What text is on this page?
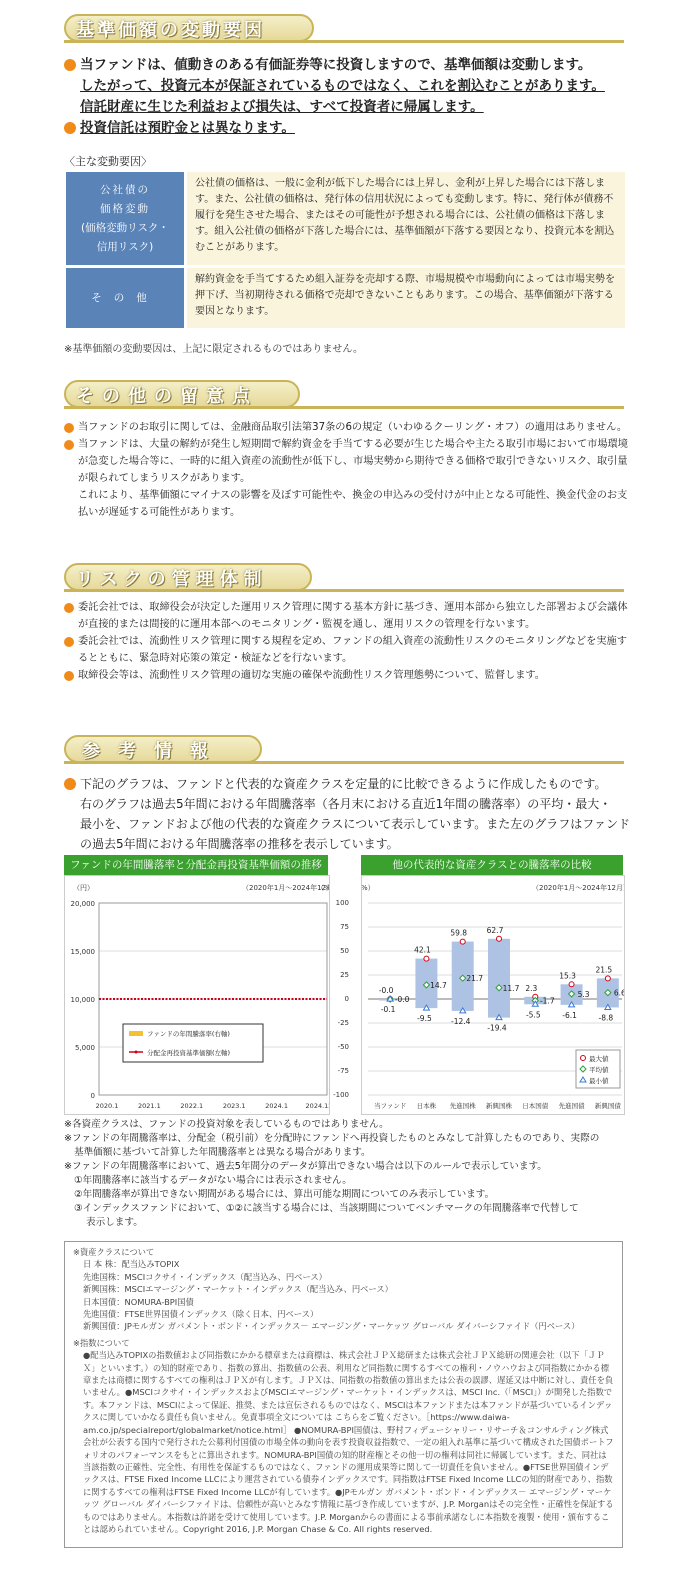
基準価額の変動要因
当ファンドは、値動きのある有価証券等に投資しますので、基準価額は変動します。
したがって、投資元本が保証されているものではなく、これを割込むことがあります。
信託財産に生じた利益および損失は、すべて投資者に帰属します。
投資信託は預貯金とは異なります。
〈主な変動要因〉
公社債の
価格変動
(価格変動リスク・
信用リスク)
公社債の価格は、一般に金利が低下した場合には上昇し、金利が上昇した場合には下落します。また、公社債の価格は、発行体の信用状況によっても変動します。特に、発行体が債務不履行を発生させた場合、またはその可能性が予想される場合には、公社債の価格は下落します。組入公社債の価格が下落した場合には、基準価額が下落する要因となり、投資元本を割込むことがあります。
その他
解約資金を手当てするため組入証券を売却する際、市場規模や市場動向によっては市場実勢を押下げ、当初期待される価格で売却できないこともあります。この場合、基準価額が下落する要因となります。
※基準価額の変動要因は、上記に限定されるものではありません。
その他の留意点
当ファンドのお取引に関しては、金融商品取引法第37条の6の規定（いわゆるクーリング・オフ）の適用はありません。
当ファンドは、大量の解約が発生し短期間で解約資金を手当てする必要が生じた場合や主たる取引市場において市場環境が急変した場合等に、一時的に組入資産の流動性が低下し、市場実勢から期待できる価格で取引できないリスク、取引量が限られてしまうリスクがあります。
これにより、基準価額にマイナスの影響を及ぼす可能性や、換金の申込みの受付けが中止となる可能性、換金代金のお支払いが遅延する可能性があります。
リスクの管理体制
委託会社では、取締役会が決定した運用リスク管理に関する基本方針に基づき、運用本部から独立した部署および会議体が直接的または間接的に運用本部へのモニタリング・監視を通し、運用リスクの管理を行ないます。
委託会社では、流動性リスク管理に関する規程を定め、ファンドの組入資産の流動性リスクのモニタリングなどを実施するとともに、緊急時対応策の策定・検証などを行ないます。
取締役会等は、流動性リスク管理の適切な実施の確保や流動性リスク管理態勢について、監督します。
参考情報
下記のグラフは、ファンドと代表的な資産クラスを定量的に比較できるように作成したものです。
右のグラフは過去5年間における年間騰落率（各月末における直近1年間の騰落率）の平均・最大・
最小を、ファンドおよび他の代表的な資産クラスについて表示しています。また左のグラフはファンド
の過去5年間における年間騰落率の推移を表示しています。
ファンドの年間騰落率と分配金再投資基準価額の推移
（円）	（2020年1月～2024年12
（
20,000
15,000
10,000
5,000
0
2020.1	2021.1	2022.1	2023.1	2024.1	2024.1
ファンドの年間騰落率(右軸)
分配金再投資基準価額(左軸)
他の代表的な資産クラスとの騰落率の比較
%）	（2020年1月～2024年12月）
-0.0
-0.0
-0.1
当ファンド
42.1
14.7
-9.5
日本株
59.8
21.7
-12.4
先進国株
62.7
11.7
-19.4
新興国株
2.3
-1.7
-5.5
日本国債
15.3
5.3
-6.1
先進国債
21.5
6.6
-8.8
新興国債
最大値
平均値
最小値
※各資産クラスは、ファンドの投資対象を表しているものではありません。
※ファンドの年間騰落率は、分配金（税引前）を分配時にファンドへ再投資したものとみなして計算したものであり、実際の
基準価額に基づいて計算した年間騰落率とは異なる場合があります。
※ファンドの年間騰落率において、過去5年間分のデータが算出できない場合は以下のルールで表示しています。
①年間騰落率に該当するデータがない場合には表示されません。
②年間騰落率が算出できない期間がある場合には、算出可能な期間についてのみ表示しています。
③インデックスファンドにおいて、①②に該当する場合には、当該期間についてベンチマークの年間騰落率で代替して
表示します。
※資産クラスについて
日 本 株：配当込みTOPIX
先進国株：MSCIコクサイ・インデックス（配当込み、円ベース）
新興国株：MSCIエマージング・マーケット・インデックス（配当込み、円ベース）
日本国債：NOMURA-BPI国債
先進国債：FTSE世界国債インデックス（除く日本、円ベース）
新興国債：JPモルガン ガバメント・ボンド・インデックス－ エマージング・マーケッツ グローバル ダイバーシファイド（円ベース）
※指数について
●配当込みTOPIXの指数値および同指数にかかる標章または商標は、株式会社ＪＰＸ総研または株式会社ＪＰＸ総研の関連会社（以下「ＪＰＸ」といいます。）の知的財産であり、指数の算出、指数値の公表、利用など同指数に関するすべての権利・ノウハウおよび同指数にかかる標章または商標に関するすべての権利はＪＰＸが有します。ＪＰＸは、同指数の指数値の算出または公表の誤謬、遅延又は中断に対し、責任を負いません。●MSCIコクサイ・インデックスおよびMSCIエマージング・マーケット・インデックスは、MSCI Inc.（「MSCI」）が開発した指数です。本ファンドは、MSCIによって保証、推奨、または宣伝されるものではなく、MSCIは本ファンドまたは本ファンドが基づいているインデックスに関していかなる責任も負いません。免責事項全文については こちらをご覧ください。［https://www.daiwa-am.co.jp/specialreport/globalmarket/notice.html］ ●NOMURA-BPI国債は、野村フィデューシャリー・リサーチ＆コンサルティング株式会社が公表する国内で発行された公募利付国債の市場全体の動向を表す投資収益指数で、一定の組入れ基準に基づいて構成された国債ポートフォリオのパフォーマンスをもとに算出されます。NOMURA-BPI国債の知的財産権とその他一切の権利は同社に帰属しています。また、同社は当該指数の正確性、完全性、有用性を保証するものではなく、ファンドの運用成果等に関して一切責任を負いません。●FTSE世界国債インデックスは、FTSE Fixed Income LLCにより運営されている債券インデックスです。同指数はFTSE Fixed Income LLCの知的財産であり、指数に関するすべての権利はFTSE Fixed Income LLCが有しています。●JPモルガン ガバメント・ボンド・インデックス－ エマージング・マーケッツ グローバル ダイバーシファイドは、信頼性が高いとみなす情報に基づき作成していますが、J.P. Morganはその完全性・正確性を保証するものではありません。本指数は許諾を受けて使用しています。J.P. Morganからの書面による事前承諾なしに本指数を複製・使用・頒布することは認められていません。Copyright 2016, J.P. Morgan Chase & Co. All rights reserved.
100
75
50
25
0
-25
-50
-75
-100
